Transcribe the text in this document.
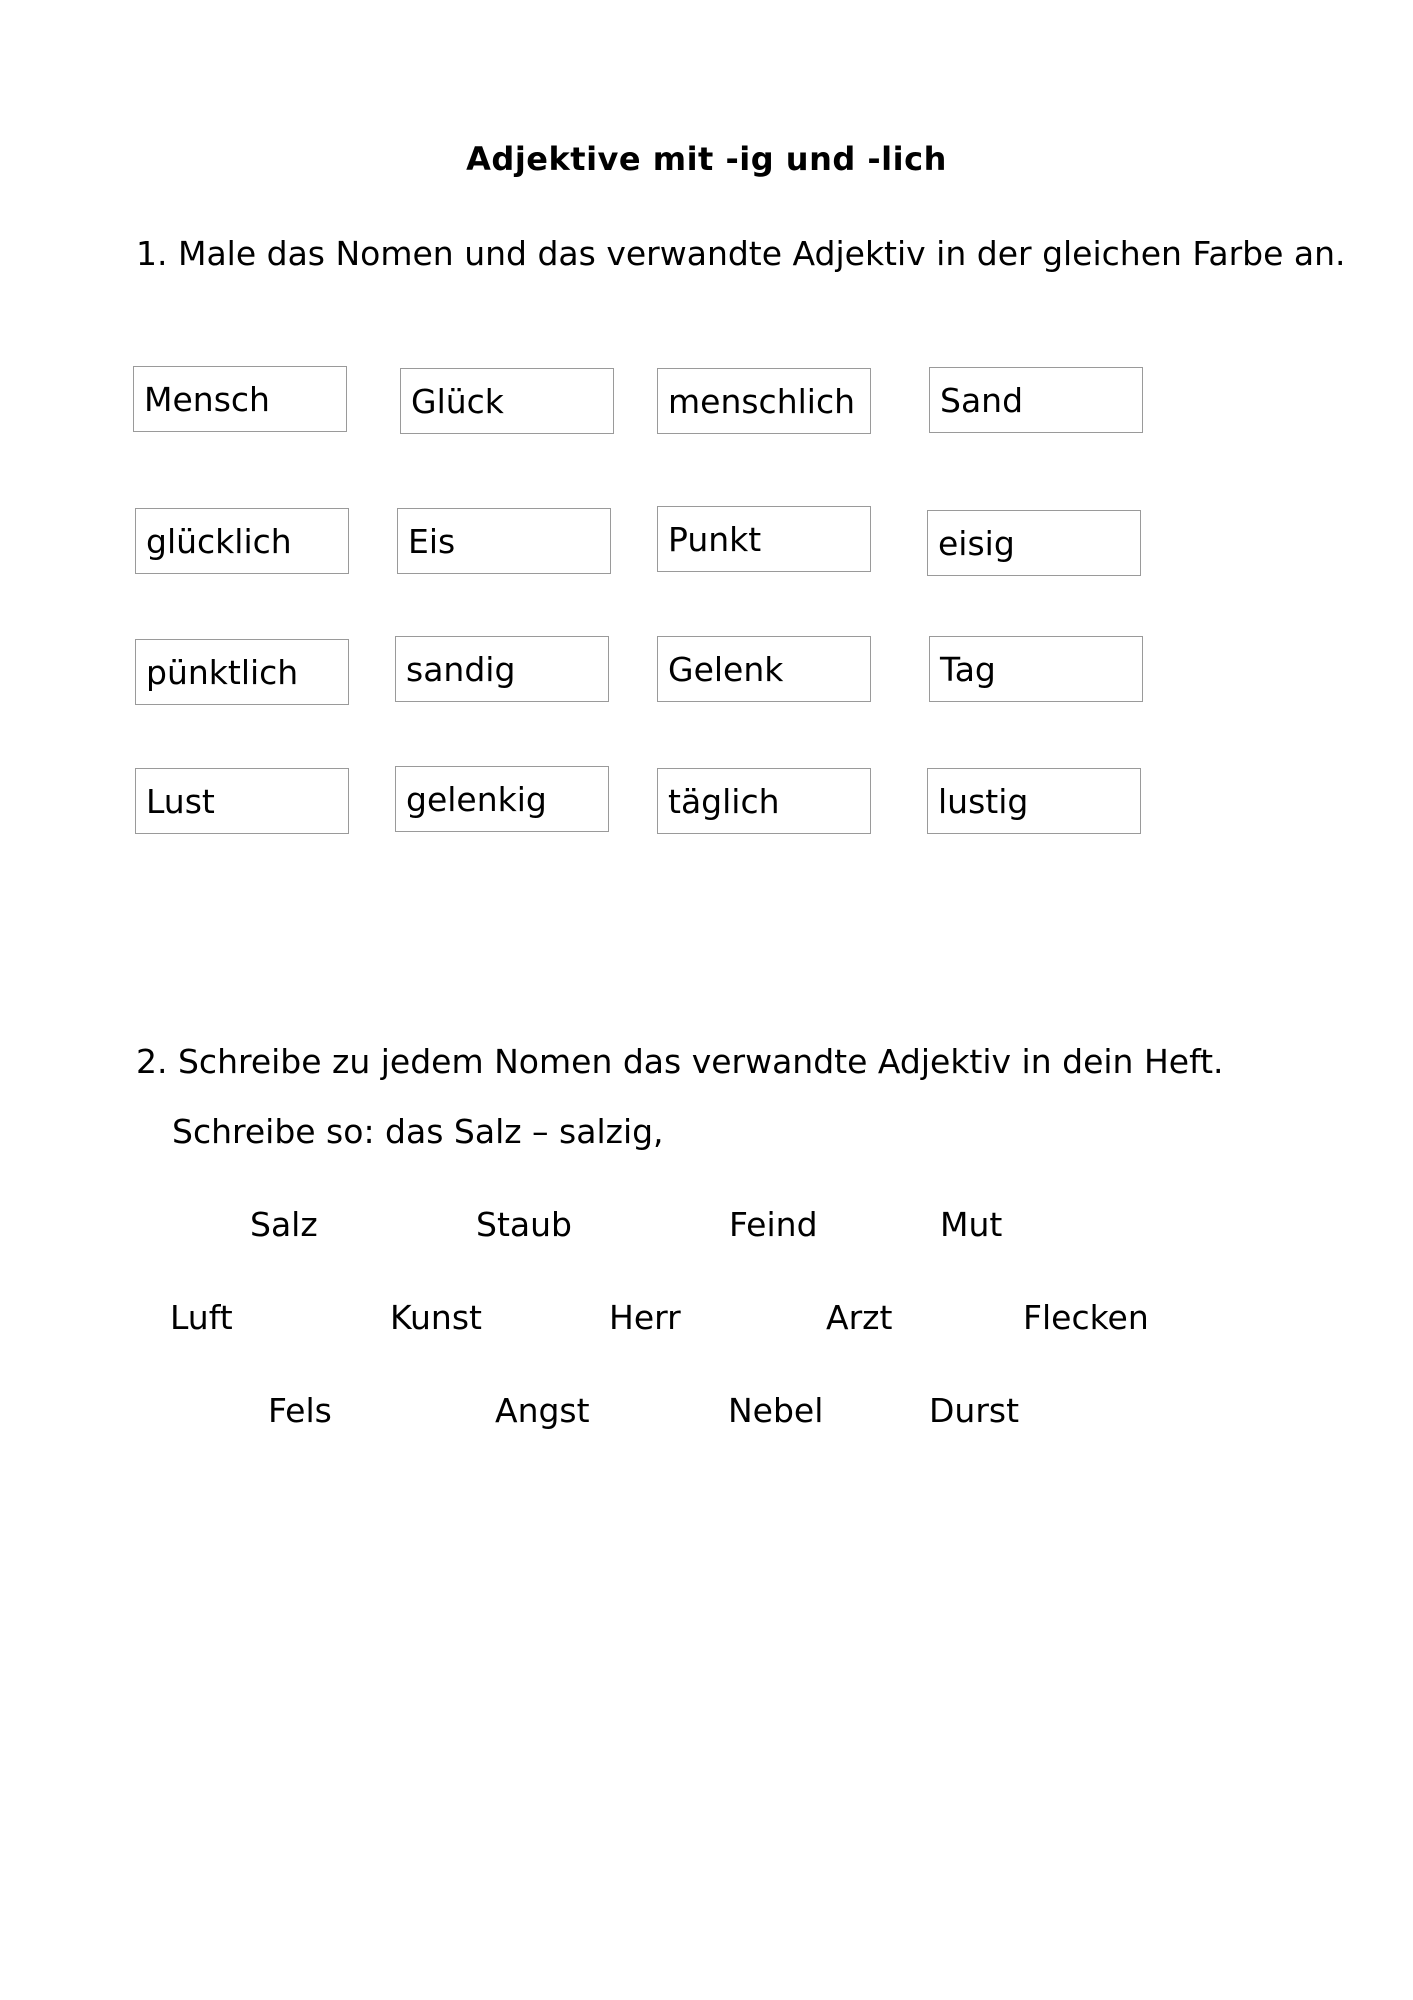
Adjektive mit -ig und -lich
1. Male das Nomen und das verwandte Adjektiv in der gleichen Farbe an.
Mensch	Glück	menschlich	Sand
glücklich	Eis	Punkt	eisig
pünktlich	sandig	Gelenk	Tag
Lust	gelenkig	täglich	lustig
2. Schreibe zu jedem Nomen das verwandte Adjektiv in dein Heft.
Schreibe so: das Salz – salzig,
Salz	Staub	Feind	Mut
Luft	Kunst	Herr	Arzt	Flecken
Fels	Angst	Nebel	Durst
